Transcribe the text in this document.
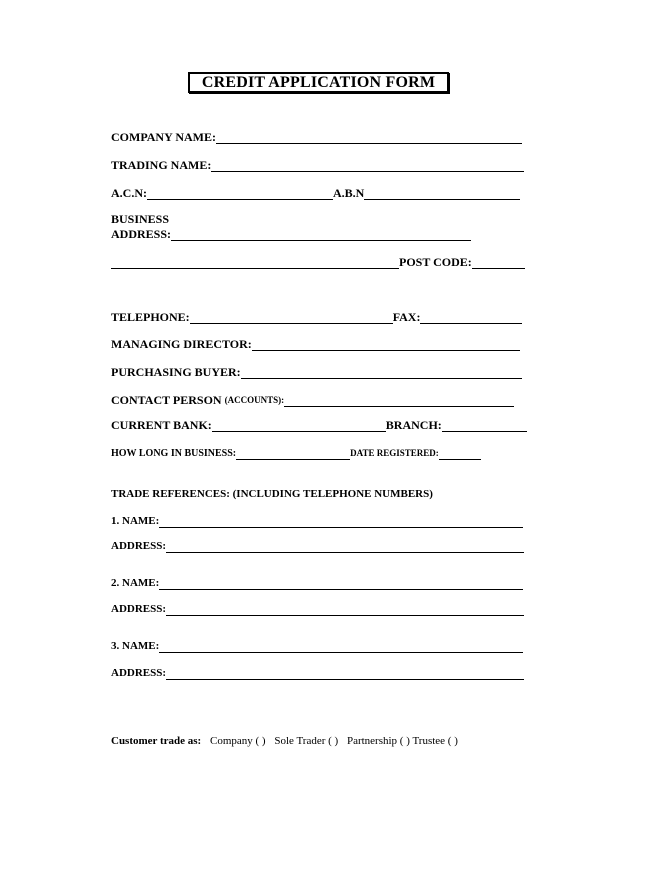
CREDIT APPLICATION FORM
COMPANY NAME:
TRADING NAME:
A.C.N:	A.B.N
BUSINESS
ADDRESS:
POST CODE:
TELEPHONE:	FAX:
MANAGING DIRECTOR:
PURCHASING BUYER:
CONTACT PERSON (ACCOUNTS):
CURRENT BANK:	BRANCH:
HOW LONG IN BUSINESS:	DATE REGISTERED:
TRADE REFERENCES: (INCLUDING TELEPHONE NUMBERS)
1. NAME:
ADDRESS:
2. NAME:
ADDRESS:
3. NAME:
ADDRESS:
Customer trade as: Company ( ) Sole Trader ( ) Partnership ( ) Trustee ( )
